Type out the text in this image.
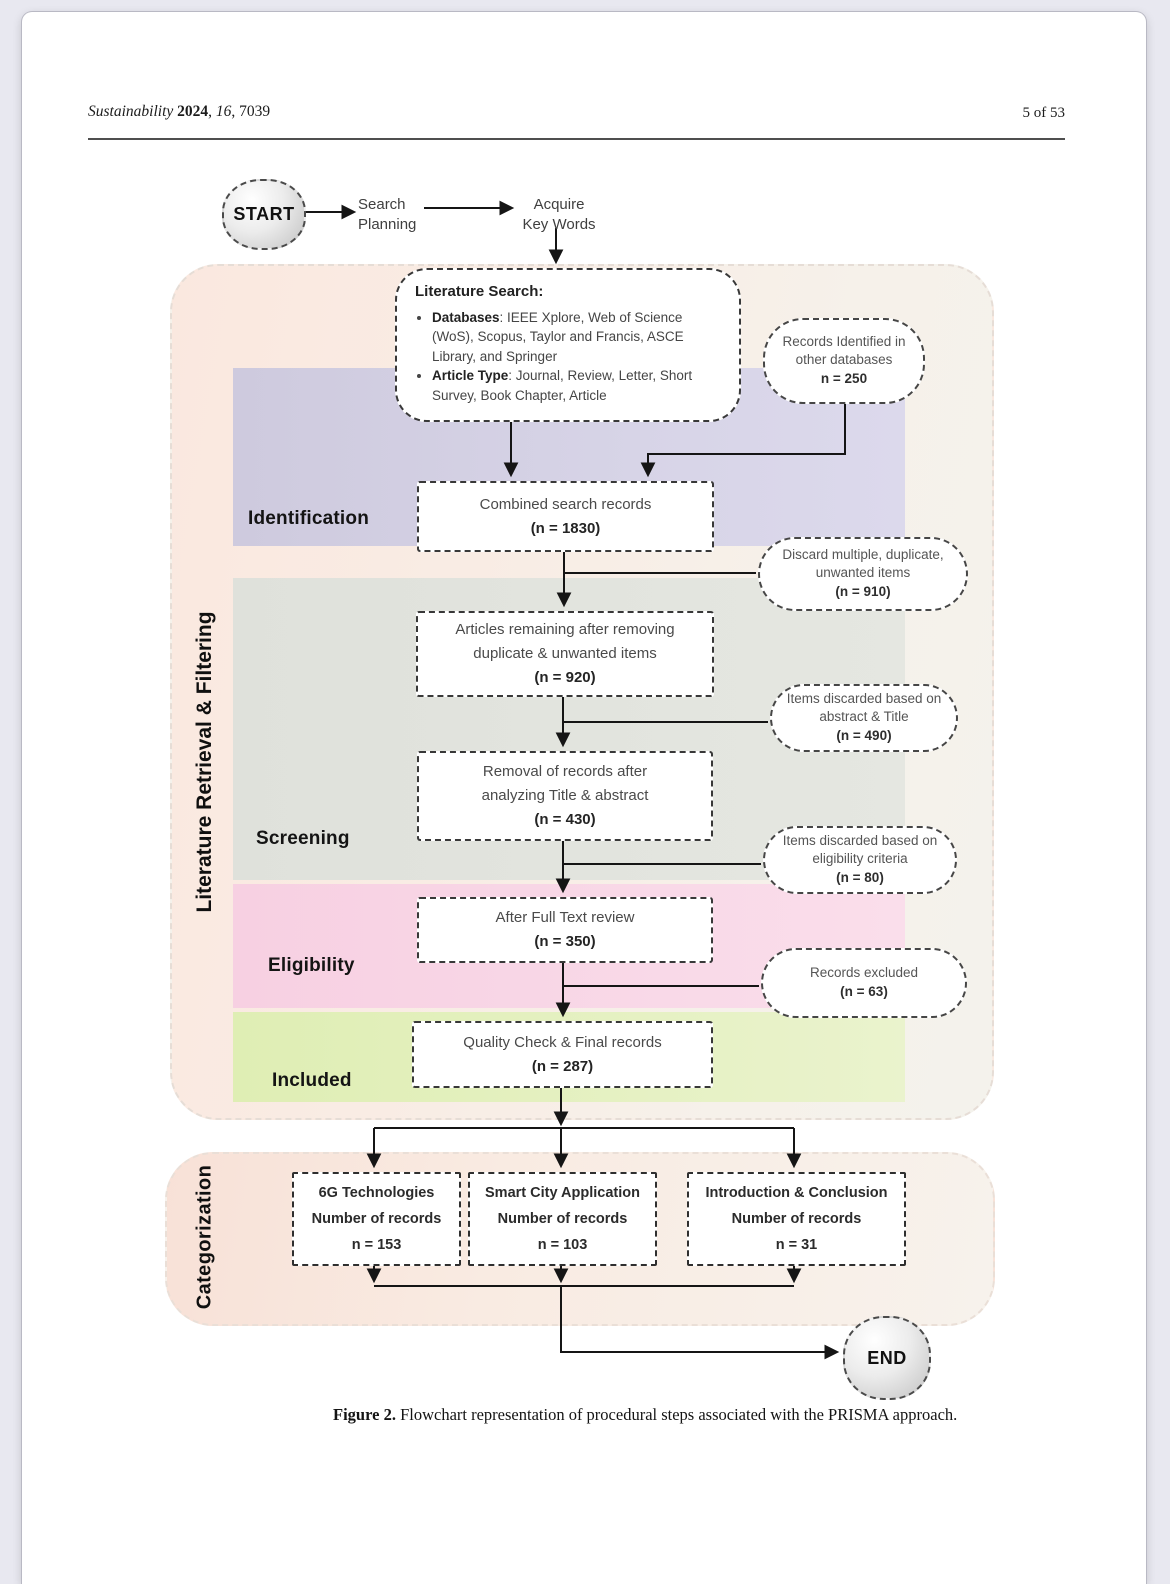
Sustainability 2024, 16, 7039	5 of 53
START
END
Search
Planning
Acquire
Key Words
Literature Retrieval & Filtering
Categorization
Identification
Screening
Eligibility
Included
Literature Search:
• Databases: IEEE Xplore, Web of Science (WoS), Scopus, Taylor and Francis, ASCE Library, and Springer
• Article Type: Journal, Review, Letter, Short Survey, Book Chapter, Article
Combined search records
(n = 1830)
Articles remaining after removing
duplicate & unwanted items
(n = 920)
Removal of records after
analyzing Title & abstract
(n = 430)
After Full Text review
(n = 350)
Quality Check & Final records
(n = 287)
Records Identified in
other databases
n = 250
Discard multiple, duplicate,
unwanted items
(n = 910)
Items discarded based on
abstract & Title
(n = 490)
Items discarded based on
eligibility criteria
(n = 80)
Records excluded
(n = 63)
6G Technologies
Number of records
n = 153
Smart City Application
Number of records
n = 103
Introduction & Conclusion
Number of records
n = 31
Figure 2. Flowchart representation of procedural steps associated with the PRISMA approach.
